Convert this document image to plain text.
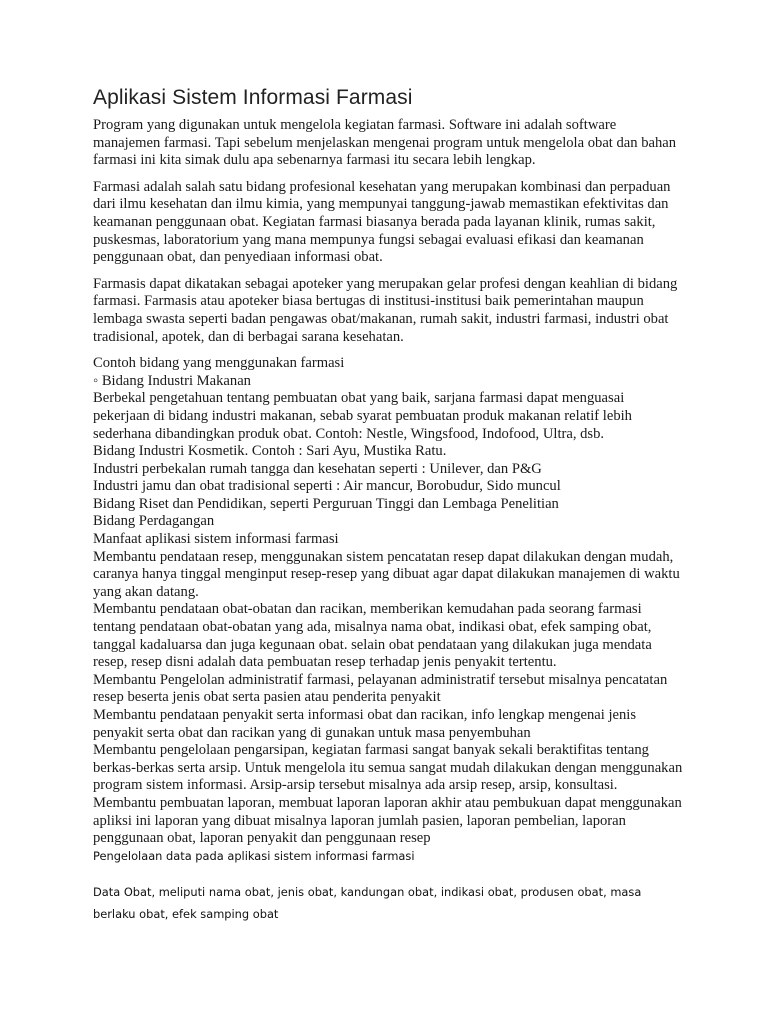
Aplikasi Sistem Informasi Farmasi

Program yang digunakan untuk mengelola kegiatan farmasi. Software ini adalah software manajemen farmasi. Tapi sebelum menjelaskan mengenai program untuk mengelola obat dan bahan farmasi ini kita simak dulu apa sebenarnya farmasi itu secara lebih lengkap.

Farmasi adalah salah satu bidang profesional kesehatan yang merupakan kombinasi dan perpaduan dari ilmu kesehatan dan ilmu kimia, yang mempunyai tanggung-jawab memastikan efektivitas dan keamanan penggunaan obat. Kegiatan farmasi biasanya berada pada layanan klinik, rumas sakit, puskesmas, laboratorium yang mana mempunya fungsi sebagai evaluasi efikasi dan keamanan penggunaan obat, dan penyediaan informasi obat.

Farmasis dapat dikatakan sebagai apoteker yang merupakan gelar profesi dengan keahlian di bidang farmasi. Farmasis atau apoteker biasa bertugas di institusi-institusi baik pemerintahan maupun lembaga swasta seperti badan pengawas obat/makanan, rumah sakit, industri farmasi, industri obat tradisional, apotek, dan di berbagai sarana kesehatan.

Contoh bidang yang menggunakan farmasi

◦ Bidang Industri Makanan

Berbekal pengetahuan tentang pembuatan obat yang baik, sarjana farmasi dapat menguasai pekerjaan di bidang industri makanan, sebab syarat pembuatan produk makanan relatif lebih sederhana dibandingkan produk obat. Contoh: Nestle, Wingsfood, Indofood, Ultra, dsb.

Bidang Industri Kosmetik. Contoh : Sari Ayu, Mustika Ratu.

Industri perbekalan rumah tangga dan kesehatan seperti : Unilever, dan P&G

Industri jamu dan obat tradisional seperti : Air mancur, Borobudur, Sido muncul

Bidang Riset dan Pendidikan, seperti Perguruan Tinggi dan Lembaga Penelitian

Bidang Perdagangan

Manfaat aplikasi sistem informasi farmasi

Membantu pendataan resep, menggunakan sistem pencatatan resep dapat dilakukan dengan mudah, caranya hanya tinggal menginput resep-resep yang dibuat agar dapat dilakukan manajemen di waktu yang akan datang.

Membantu pendataan obat-obatan dan racikan, memberikan kemudahan pada seorang farmasi tentang pendataan obat-obatan yang ada, misalnya nama obat, indikasi obat, efek samping obat, tanggal kadaluarsa dan juga kegunaan obat. selain obat pendataan yang dilakukan juga mendata resep, resep disni adalah data pembuatan resep terhadap jenis penyakit tertentu.

Membantu Pengelolan administratif farmasi, pelayanan administratif tersebut misalnya pencatatan resep beserta jenis obat serta pasien atau penderita penyakit

Membantu pendataan penyakit serta informasi obat dan racikan, info lengkap mengenai jenis penyakit serta obat dan racikan yang di gunakan untuk masa penyembuhan

Membantu pengelolaan pengarsipan, kegiatan farmasi sangat banyak sekali beraktifitas tentang berkas-berkas serta arsip. Untuk mengelola itu semua sangat mudah dilakukan dengan menggunakan program sistem informasi. Arsip-arsip tersebut misalnya ada arsip resep, arsip, konsultasi.

Membantu pembuatan laporan, membuat laporan laporan akhir atau pembukuan dapat menggunakan apliksi ini laporan yang dibuat misalnya laporan jumlah pasien, laporan pembelian, laporan penggunaan obat, laporan penyakit dan penggunaan resep

Pengelolaan data pada aplikasi sistem informasi farmasi

Data Obat, meliputi nama obat, jenis obat, kandungan obat, indikasi obat, produsen obat, masa berlaku obat, efek samping obat
